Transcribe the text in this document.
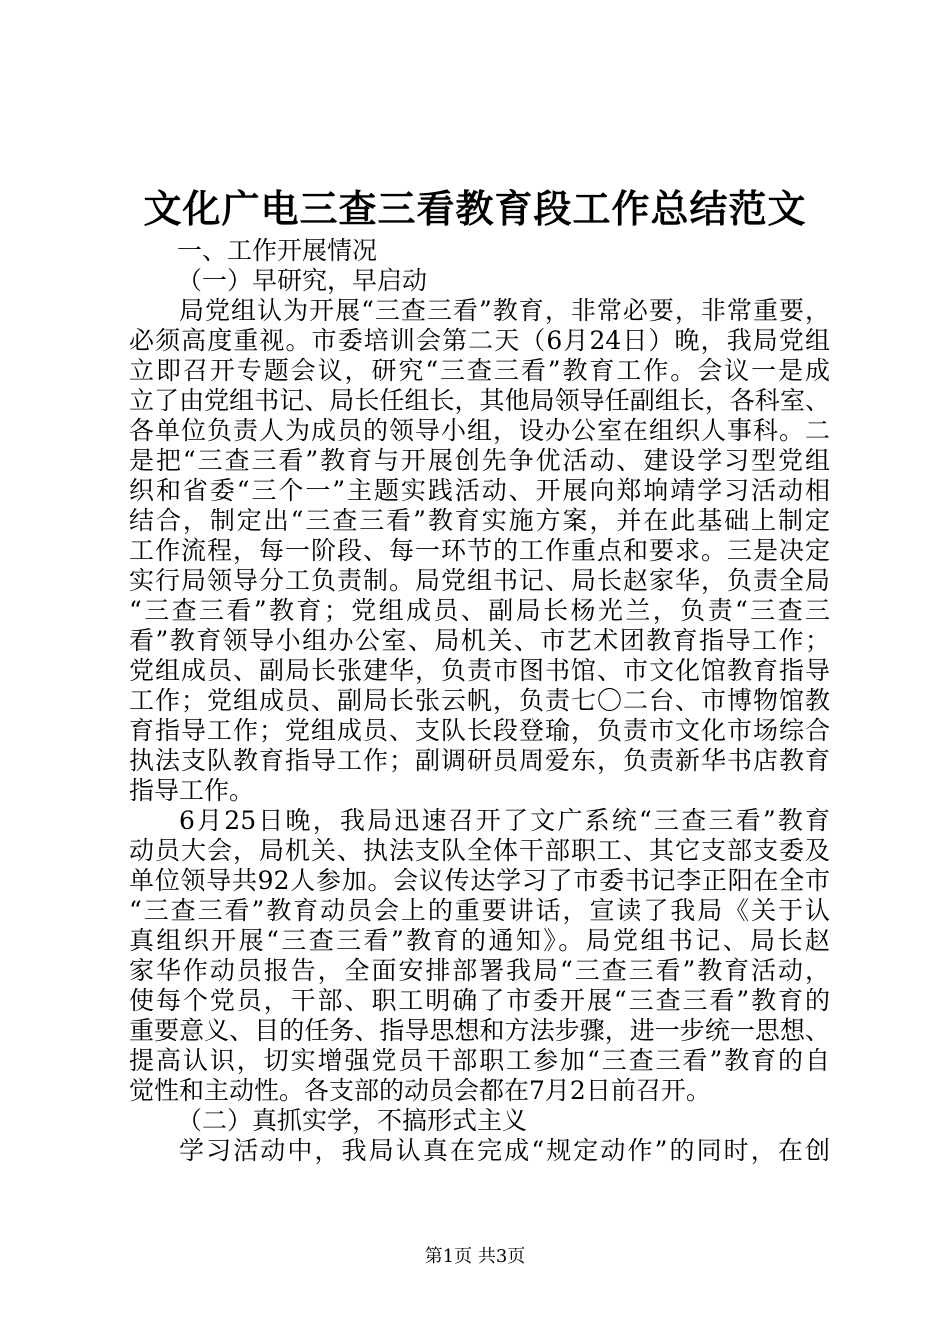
文化广电三查三看教育段工作总结范文
一、工作开展情况
（一）早研究，早启动
局党组认为开展“三查三看”教育，非常必要，非常重要，
必须高度重视。市委培训会第二天（6月24日）晚，我局党组
立即召开专题会议，研究“三查三看”教育工作。会议一是成
立了由党组书记、局长任组长，其他局领导任副组长，各科室、
各单位负责人为成员的领导小组，设办公室在组织人事科。二
是把“三查三看”教育与开展创先争优活动、建设学习型党组
织和省委“三个一”主题实践活动、开展向郑垧靖学习活动相
结合，制定出“三查三看”教育实施方案，并在此基础上制定
工作流程，每一阶段、每一环节的工作重点和要求。三是决定
实行局领导分工负责制。局党组书记、局长赵家华，负责全局
“三查三看”教育；党组成员、副局长杨光兰，负责“三查三
看”教育领导小组办公室、局机关、市艺术团教育指导工作；
党组成员、副局长张建华，负责市图书馆、市文化馆教育指导
工作；党组成员、副局长张云帆，负责七〇二台、市博物馆教
育指导工作；党组成员、支队长段登瑜，负责市文化市场综合
执法支队教育指导工作；副调研员周爱东，负责新华书店教育
指导工作。
6月25日晚，我局迅速召开了文广系统“三查三看”教育
动员大会，局机关、执法支队全体干部职工、其它支部支委及
单位领导共92人参加。会议传达学习了市委书记李正阳在全市
“三查三看”教育动员会上的重要讲话，宣读了我局《关于认
真组织开展“三查三看”教育的通知》。局党组书记、局长赵
家华作动员报告，全面安排部署我局“三查三看”教育活动，
使每个党员，干部、职工明确了市委开展“三查三看”教育的
重要意义、目的任务、指导思想和方法步骤，进一步统一思想、
提高认识，切实增强党员干部职工参加“三查三看”教育的自
觉性和主动性。各支部的动员会都在7月2日前召开。
（二）真抓实学，不搞形式主义
学习活动中，我局认真在完成“规定动作”的同时，在创
第1页 共3页
